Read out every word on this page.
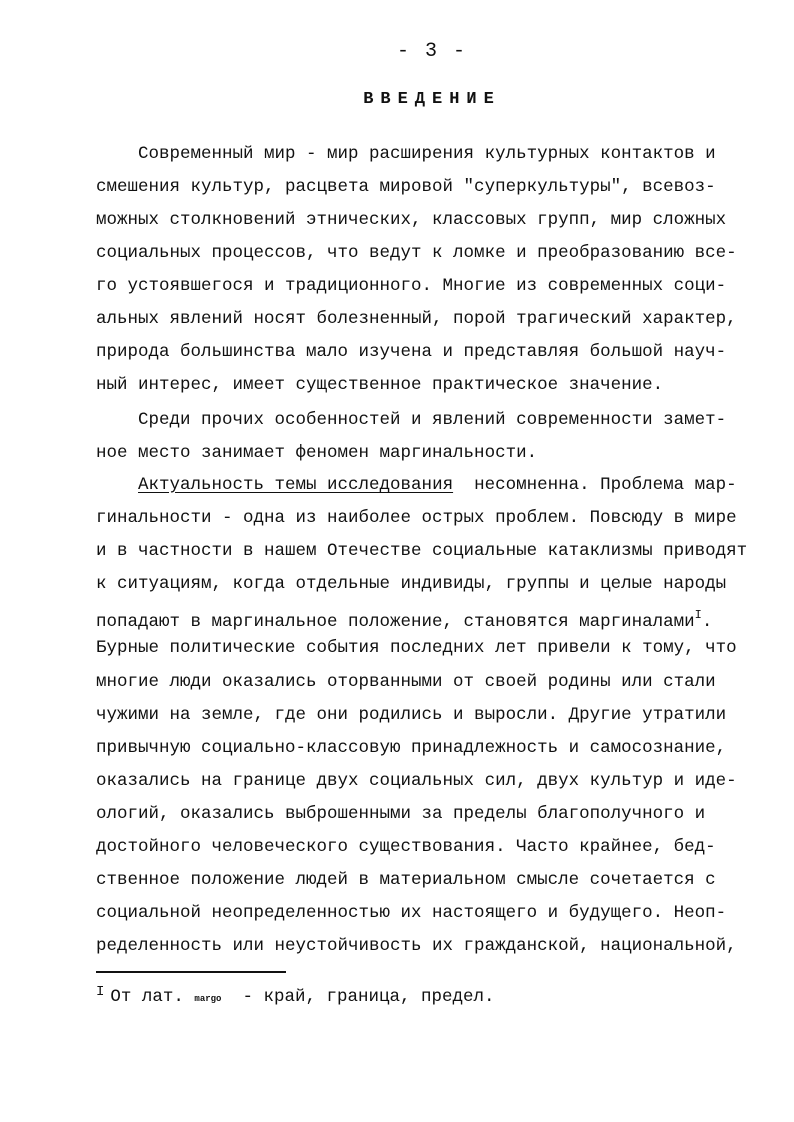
- 3 -
ВВЕДЕНИЕ
Современный мир - мир расширения культурных контактов и
смешения культур, расцвета мировой "суперкультуры", всевоз-
можных столкновений этнических, классовых групп, мир сложных
социальных процессов, что ведут к ломке и преобразованию все-
го устоявшегося и традиционного. Многие из современных соци-
альных явлений носят болезненный, порой трагический характер,
природа большинства мало изучена и представляя большой науч-
ный интерес, имеет существенное практическое значение.
Среди прочих особенностей и явлений современности замет-
ное место занимает феномен маргинальности.
Актуальность темы исследования  несомненна. Проблема мар-
гинальности - одна из наиболее острых проблем. Повсюду в мире
и в частности в нашем Отечестве социальные катаклизмы приводят
к ситуациям, когда отдельные индивиды, группы и целые народы
попадают в маргинальное положение, становятся маргиналами$^I$.
Бурные политические события последних лет привели к тому, что
многие люди оказались оторванными от своей родины или стали
чужими на земле, где они родились и выросли. Другие утратили
привычную социально-классовую принадлежность и самосознание,
оказались на границе двух социальных сил, двух культур и иде-
ологий, оказались выброшенными за пределы благополучного и
достойного человеческого существования. Часто крайнее, бед-
ственное положение людей в материальном смысле сочетается с
социальной неопределенностью их настоящего и будущего. Неоп-
ределенность или неустойчивость их гражданской, национальной,
$^I$ От лат. margo  - край, граница, предел.
